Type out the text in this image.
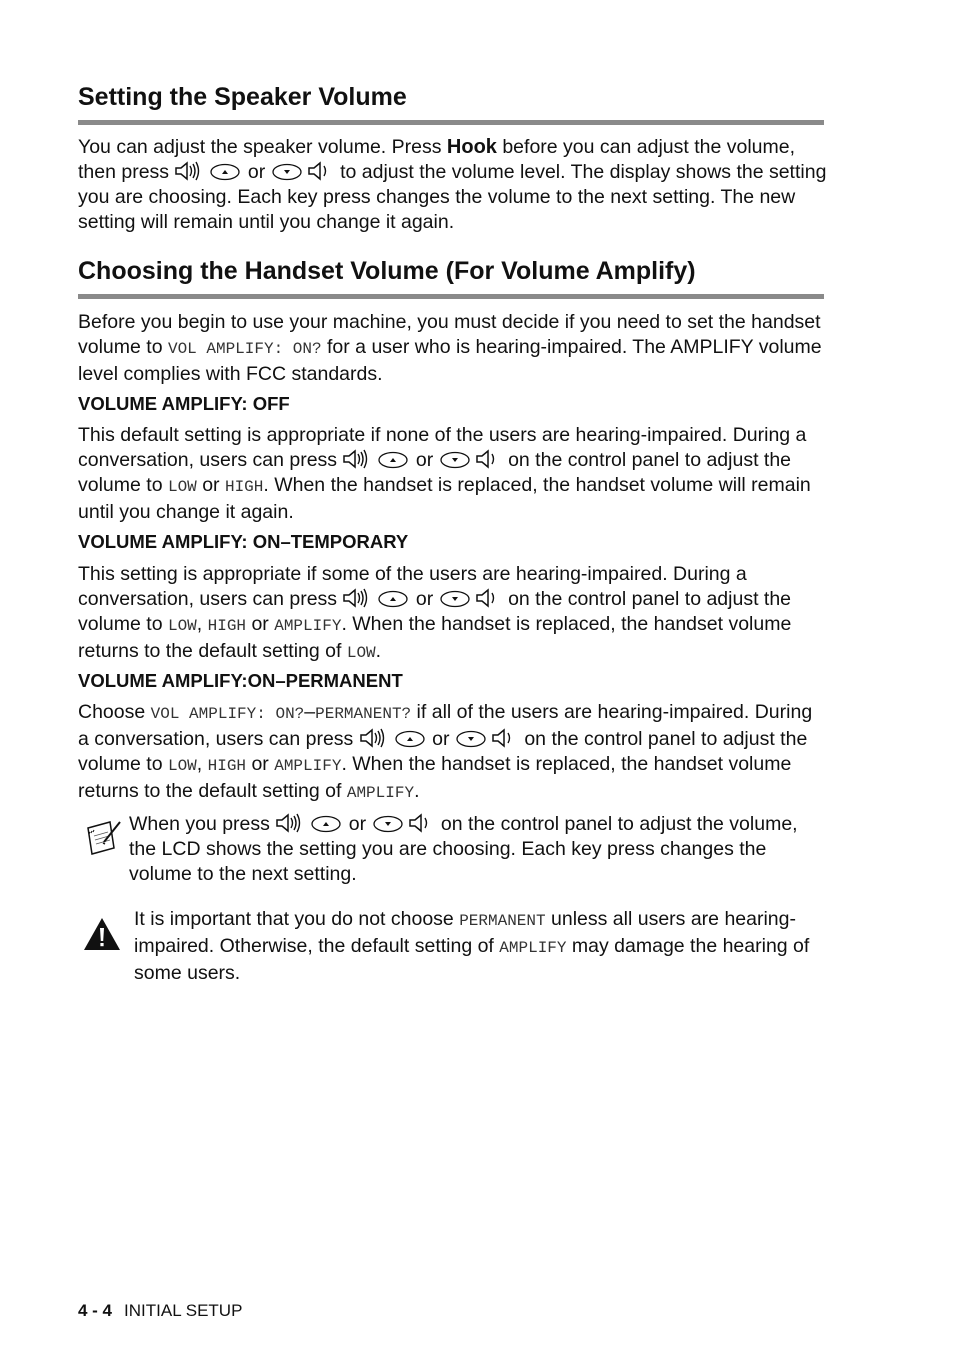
Setting the Speaker Volume

You can adjust the speaker volume. Press Hook before you can adjust the volume, then press	or	to adjust the volume level. The display shows the setting you are choosing. Each key press changes the volume to the next setting. The new setting will remain until you change it again.

Choosing the Handset Volume (For Volume Amplify)

Before you begin to use your machine, you must decide if you need to set the handset volume to VOL AMPLIFY: ON? for a user who is hearing-impaired. The AMPLIFY volume level complies with FCC standards.

VOLUME AMPLIFY: OFF

This default setting is appropriate if none of the users are hearing-impaired. During a conversation, users can press	or	on the control panel to adjust the volume to LOW or HIGH. When the handset is replaced, the handset volume will remain until you change it again.

VOLUME AMPLIFY: ON–TEMPORARY

This setting is appropriate if some of the users are hearing-impaired. During a conversation, users can press	or	on the control panel to adjust the volume to LOW, HIGH or AMPLIFY. When the handset is replaced, the handset volume returns to the default setting of LOW.

VOLUME AMPLIFY:ON–PERMANENT

Choose VOL AMPLIFY: ON?–PERMANENT? if all of the users are hearing-impaired. During a conversation, users can press	or	on the control panel to adjust the volume to LOW, HIGH or AMPLIFY. When the handset is replaced, the handset volume returns to the default setting of AMPLIFY.

When you press	or	on the control panel to adjust the volume, the LCD shows the setting you are choosing. Each key press changes the volume to the next setting.
It is important that you do not choose PERMANENT unless all users are hearing-impaired. Otherwise, the default setting of AMPLIFY may damage the hearing of some users.
4 - 4 INITIAL SETUP
